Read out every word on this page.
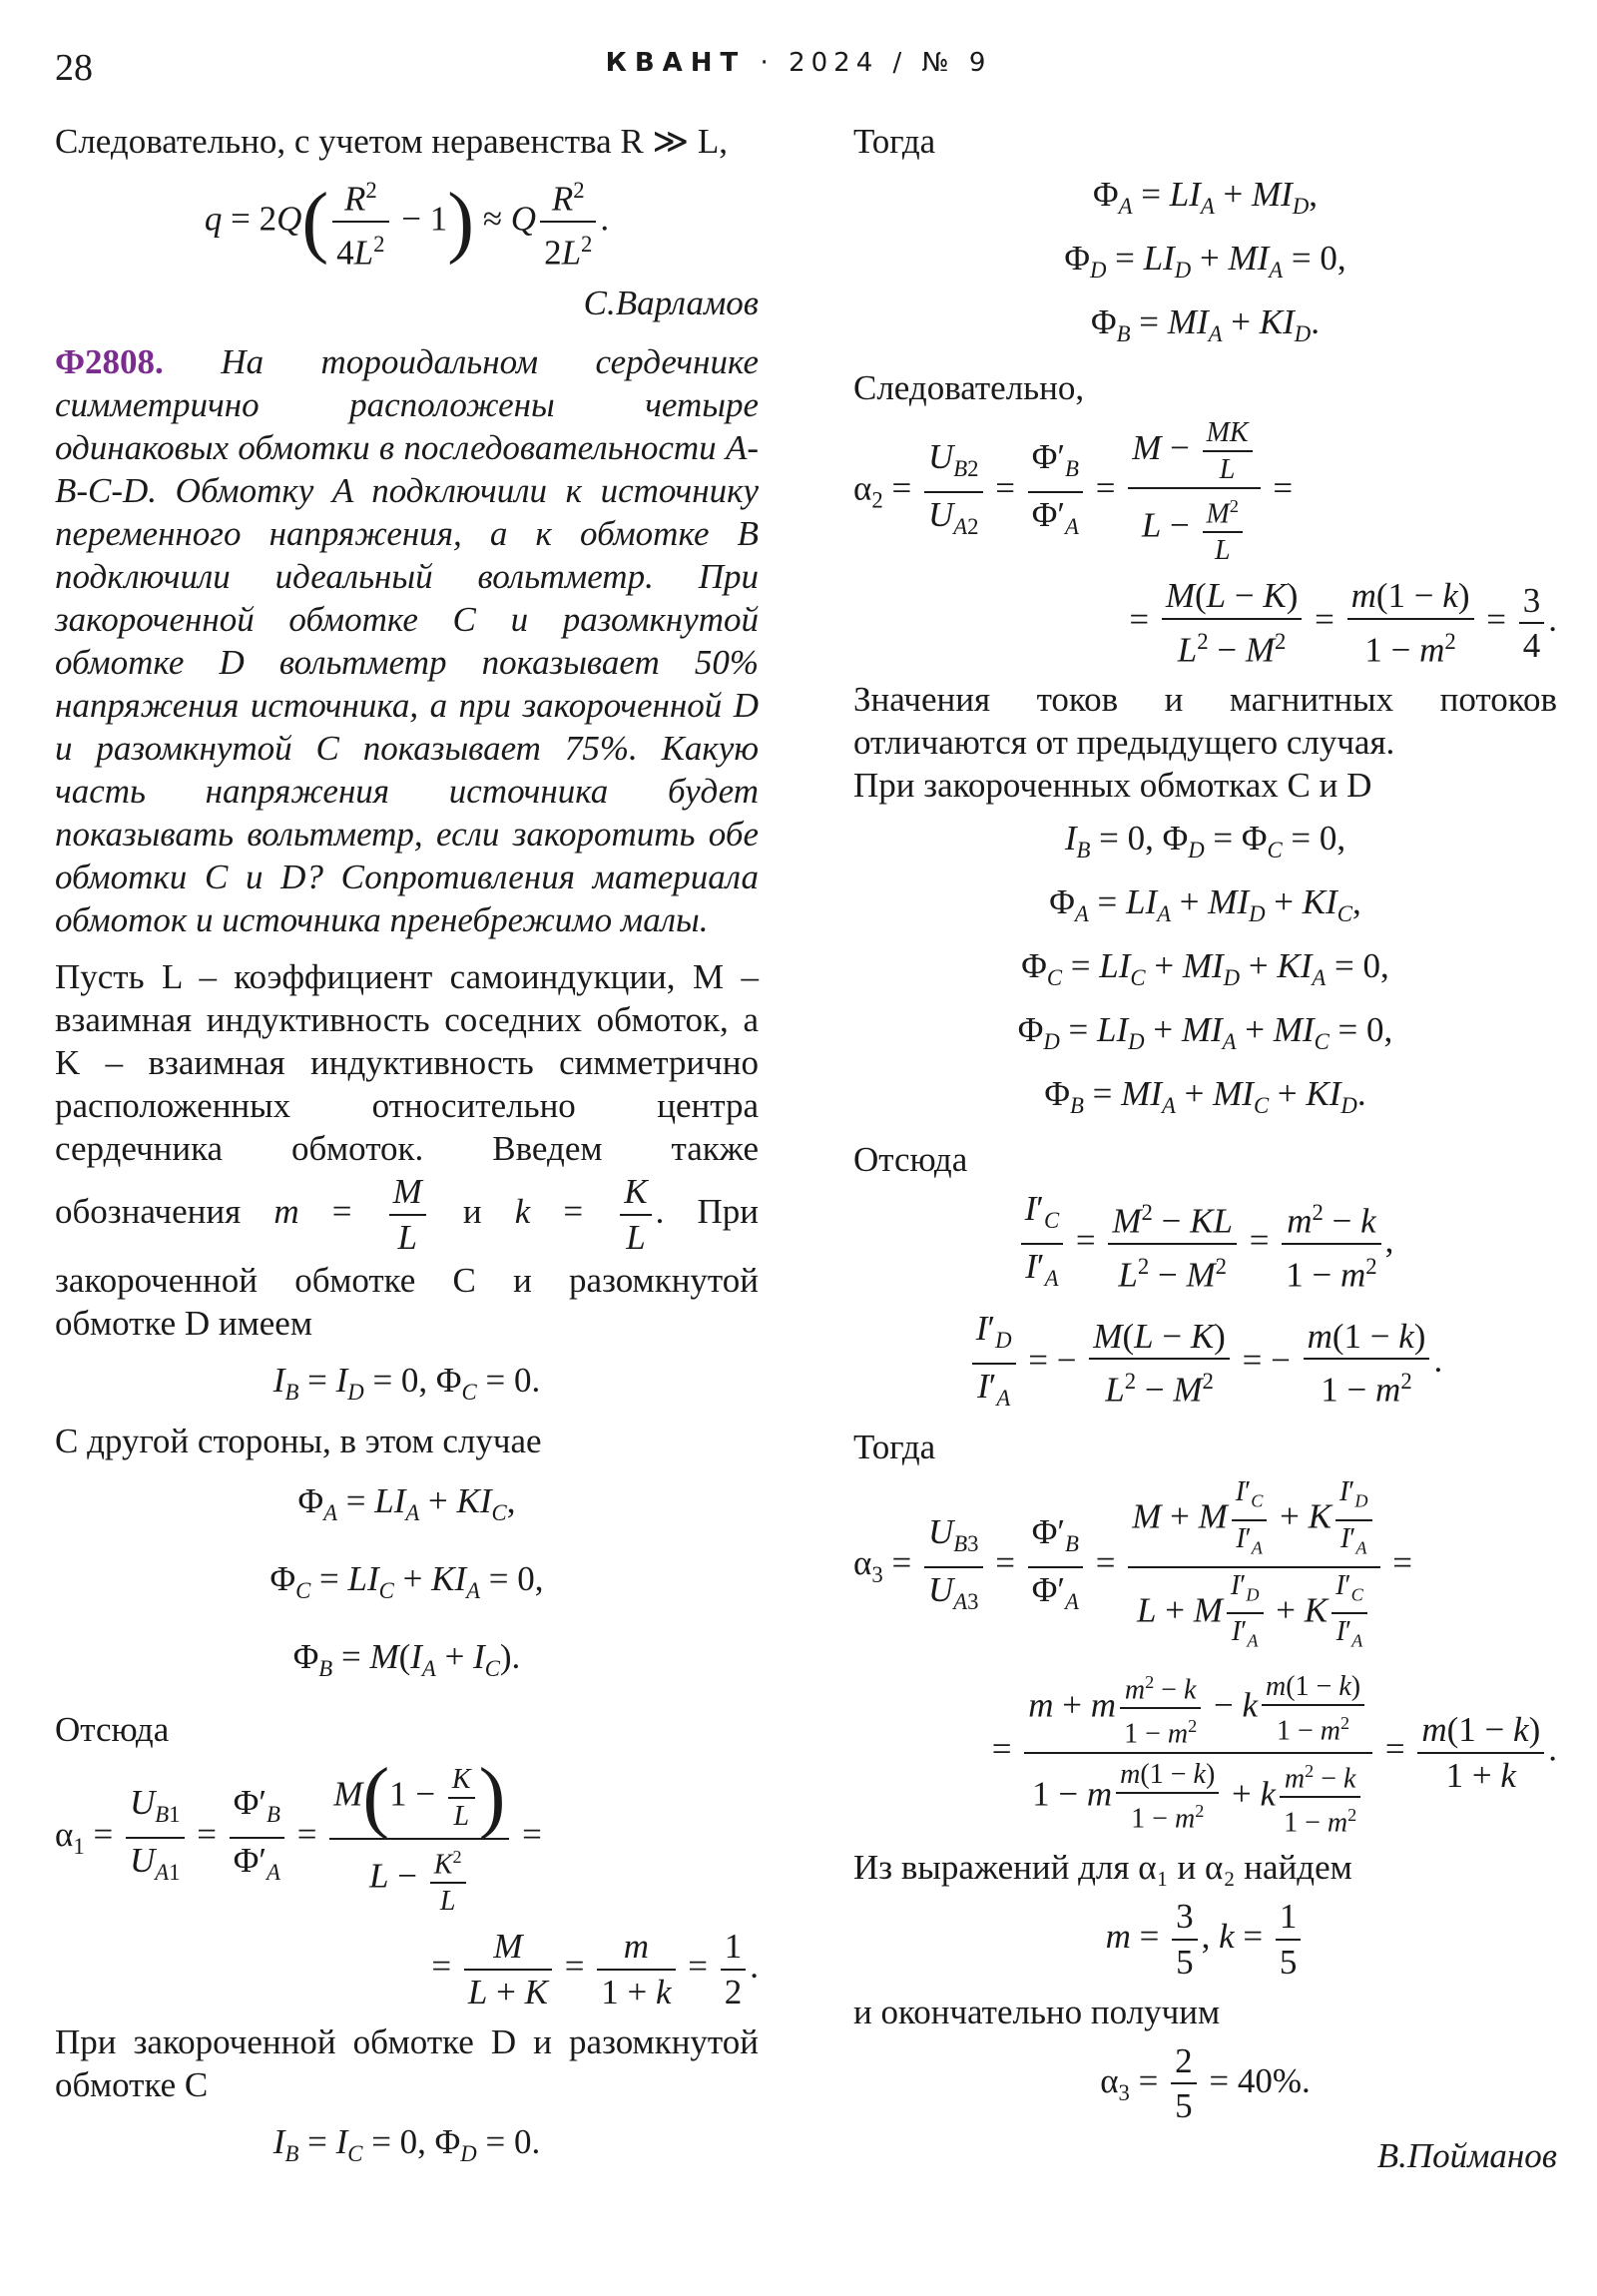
28	КВАНТ · 2024 / № 9

Следовательно, с учетом неравенства R ≫ L,

$q = 2Q( \frac{R^2}{4L^2} - 1) \approx Q \frac{R^2}{2L^2}$ .
С.Варламов

Ф2808. На тороидальном сердечнике симметрично расположены четыре одинаковых обмотки в последовательности A-B-C-D. Обмотку A подключили к источнику переменного напряжения, а к обмотке B подключили идеальный вольтметр. При закороченной обмотке C и разомкнутой обмотке D вольтметр показывает 50% напряжения источника, а при закороченной D и разомкнутой C показывает 75%. Какую часть напряжения источника будет показывать вольтметр, если закоротить обе обмотки C и D? Сопротивления материала обмоток и источника пренебрежимо малы.

Пусть L – коэффициент самоиндукции, M – взаимная индуктивность соседних обмоток, а K – взаимная индуктивность симметрично расположенных относительно центра сердечника обмоток. Введем также обозначения $m = \frac{M}{L}$ и $k = \frac{K}{L}$ . При закороченной обмотке C и разомкнутой обмотке D имеем

$I_B = I_D = 0$, $\Phi_C = 0$.

С другой стороны, в этом случае

$\Phi_A = LI_A + KI_C$,
$\Phi_C = LI_C + KI_A = 0$,
$\Phi_B = M(I_A + I_C)$.

Отсюда

$\alpha_1 = \frac{U_{B1}}{U_{A1}} = \frac{\Phi'_B}{\Phi'_A} = \frac{M(1 - \frac{K}{L} )}{L - \frac{K^2}{L}}$ =
= $\frac{M}{L + K} = \frac{m}{1 + k} = \frac{1}{2}$ .

При закороченной обмотке D и разомкнутой обмотке C

$I_B = I_C = 0$, $\Phi_D = 0$.

Тогда

$\Phi_A = LI_A + MI_D$,
$\Phi_D = LI_D + MI_A = 0$,
$\Phi_B = MI_A + KI_D$.

Следовательно,

$\alpha_2 = \frac{U_{B2}}{U_{A2}} = \frac{\Phi'_B}{\Phi'_A}$ =
$M - \frac{MK}{L}$
$L - \frac{M^2}{L}$
=
= $\frac{M(L - K)}{L^2 - M^2} = \frac{m(1 - k)}{1 - m^2} = \frac{3}{4}$ .

Значения токов и магнитных потоков отличаются от предыдущего случая.

При закороченных обмотках C и D

$I_B = 0$, $\Phi_D = \Phi_C = 0$,
$\Phi_A = LI_A + MI_D + KI_C$,
$\Phi_C = LI_C + MI_D + KI_A = 0$,
$\Phi_D = LI_D + MI_A + MI_C = 0$,
$\Phi_B = MI_A + MI_C + KI_D$.

Отсюда

$\frac{I'_C}{I'_A} = \frac{M^2 - KL}{L^2 - M^2} = \frac{m^2 - k}{1 - m^2}$ ,
$\frac{I'_D}{I'_A}$ = − $\frac{M(L - K)}{L^2 - M^2}$ = − $\frac{m(1 - k)}{1 - m^2}$ .

Тогда

$\alpha_3 = \frac{U_{B3}}{U_{A3}} = \frac{\Phi'_B}{\Phi'_A} = \frac{M + M \frac{I'_C}{I'_A} + K \frac{I'_D}{I'_A}}{L + M \frac{I'_D}{I'_A} + K \frac{I'_C}{I'_A}}$ =
= $\frac{m + m \frac{m^2 - k}{1 - m^2} - k \frac{m(1 - k)}{1 - m^2}}{1 - m \frac{m(1 - k)}{1 - m^2} + k \frac{m^2 - k}{1 - m^2}} = \frac{m(1 - k)}{1 + k}$ .

Из выражений для α₁ и α₂ найдем

$m = \frac{3}{5}$ , $k = \frac{1}{5}$

и окончательно получим

$\alpha_3 = \frac{2}{5} = 40\%$.
В.Пойманов
